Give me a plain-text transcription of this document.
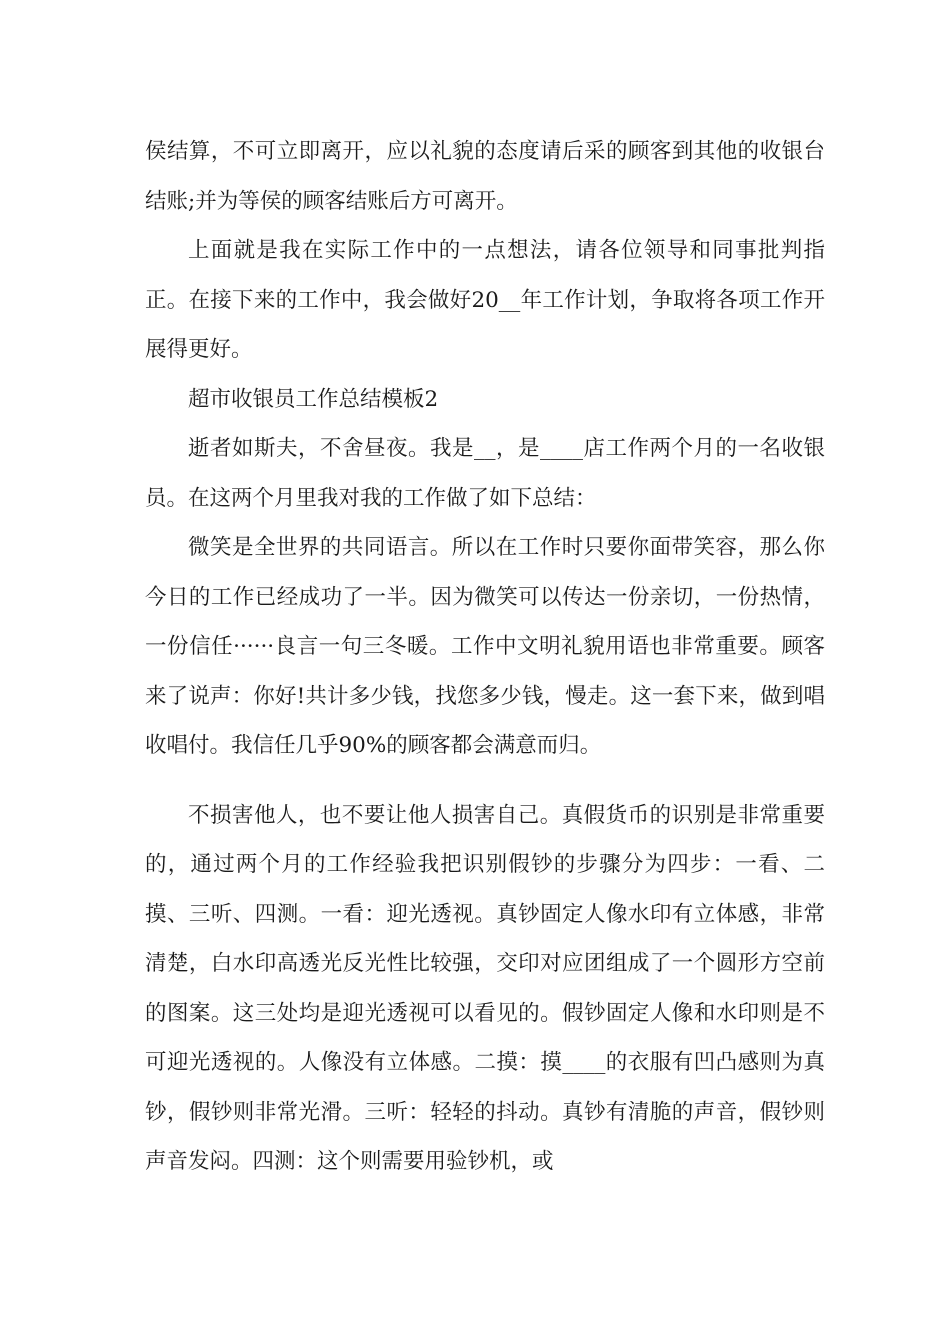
侯结算，不可立即离开，应以礼貌的态度请后采的顾客到其他的收银台结账;并为等侯的顾客结账后方可离开。

上面就是我在实际工作中的一点想法，请各位领导和同事批判指正。在接下来的工作中，我会做好20__年工作计划，争取将各项工作开展得更好。

超市收银员工作总结模板2

逝者如斯夫，不舍昼夜。我是__，是____店工作两个月的一名收银员。在这两个月里我对我的工作做了如下总结：

微笑是全世界的共同语言。所以在工作时只要你面带笑容，那么你今日的工作已经成功了一半。因为微笑可以传达一份亲切，一份热情，一份信任······良言一句三冬暖。工作中文明礼貌用语也非常重要。顾客来了说声：你好!共计多少钱，找您多少钱，慢走。这一套下来，做到唱收唱付。我信任几乎90%的顾客都会满意而归。

不损害他人，也不要让他人损害自己。真假货币的识别是非常重要的，通过两个月的工作经验我把识别假钞的步骤分为四步：一看、二摸、三听、四测。一看：迎光透视。真钞固定人像水印有立体感，非常清楚，白水印高透光反光性比较强，交印对应团组成了一个圆形方空前的图案。这三处均是迎光透视可以看见的。假钞固定人像和水印则是不可迎光透视的。人像没有立体感。二摸：摸____的衣服有凹凸感则为真钞，假钞则非常光滑。三听：轻轻的抖动。真钞有清脆的声音，假钞则声音发闷。四测：这个则需要用验钞机，或
